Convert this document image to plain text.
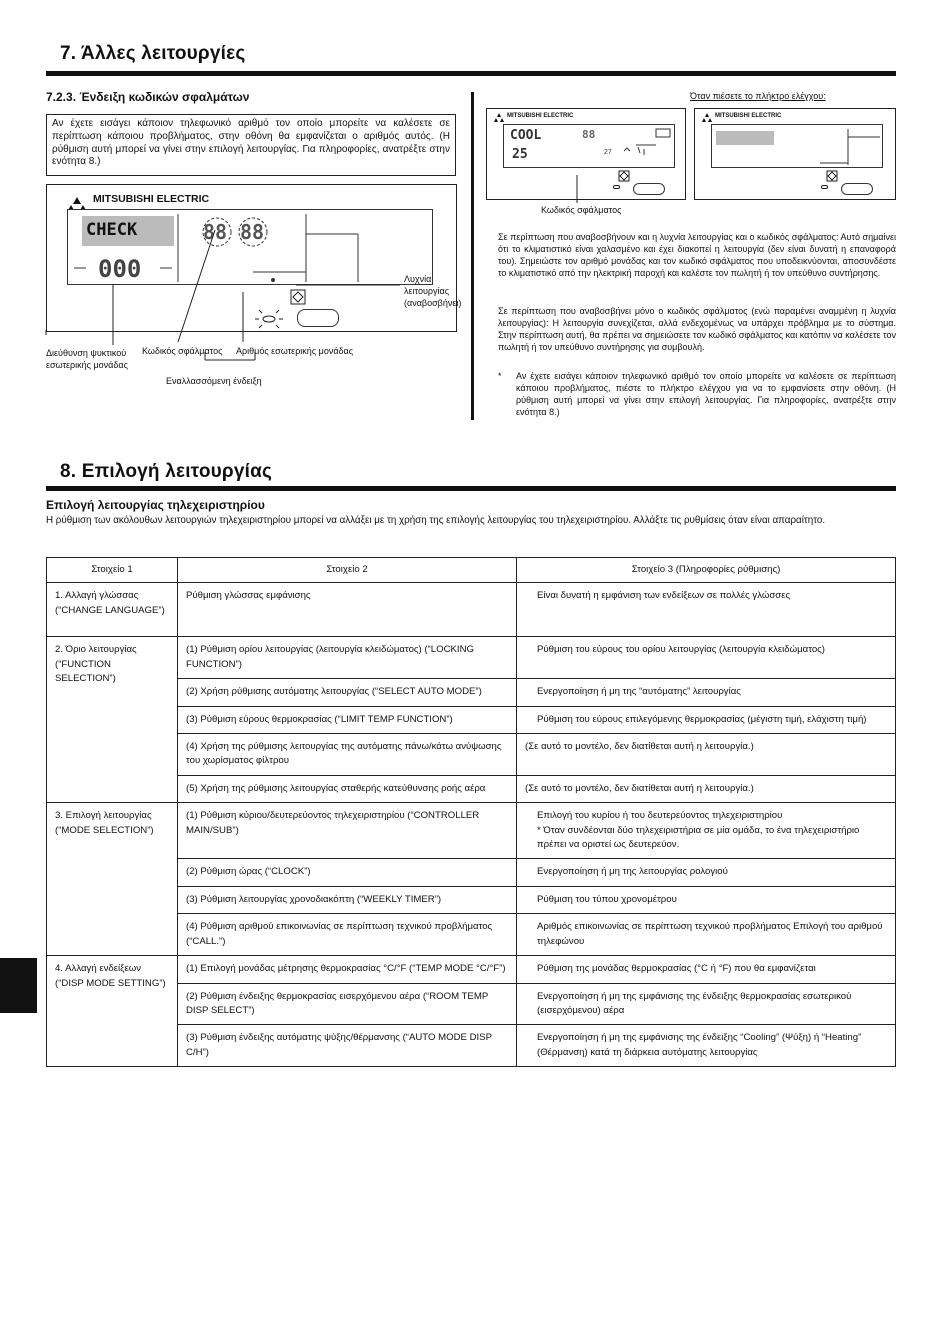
7. Άλλες λειτουργίες
7.2.3. Ένδειξη κωδικών σφαλμάτων
Αν έχετε εισάγει κάποιον τηλεφωνικό αριθμό τον οποίο μπορείτε να καλέσετε σε περίπτωση κάποιου προβλήματος, στην οθόνη θα εμφανίζεται ο αριθμός αυτός. (Η ρύθμιση αυτή μπορεί να γίνει στην επιλογή λειτουργίας. Για πληροφορίες, ανατρέξτε στην ενότητα 8.)
MITSUBISHI ELECTRIC
CHECK	88 88
000	Λυχνία λειτουργίας (αναβοσβήνει)
Διεύθυνση ψυκτικού εσωτερικής μονάδας
Κωδικός σφάλματος Αριθμός εσωτερικής μονάδας
Εναλλασσόμενη ένδειξη
Όταν πιέσετε το πλήκτρο ελέγχου:
MITSUBISHI ELECTRIC
COOL	88
25	27
MITSUBISHI ELECTRIC
Κωδικός σφάλματος
Σε περίπτωση που αναβοσβήνουν και η λυχνία λειτουργίας και ο κωδικός σφάλματος: Αυτό σημαίνει ότι το κλιματιστικό είναι χαλασμένο και έχει διακοπεί η λειτουργία (δεν είναι δυνατή η επαναφορά του). Σημειώστε τον αριθμό μονάδας και τον κωδικό σφάλματος που υποδεικνύονται, αποσυνδέστε το κλιματιστικό από την ηλεκτρική παροχή και καλέστε τον πωλητή ή τον υπεύθυνο συντήρησης.
Σε περίπτωση που αναβοσβήνει μόνο ο κωδικός σφάλματος (ενώ παραμένει αναμμένη η λυχνία λειτουργίας): Η λειτουργία συνεχίζεται, αλλά ενδεχομένως να υπάρχει πρόβλημα με το σύστημα. Στην περίπτωση αυτή, θα πρέπει να σημειώσετε τον κωδικό σφάλματος και κατόπιν να καλέσετε τον πωλητή ή τον υπεύθυνο συντήρησης για συμβουλή.
* Αν έχετε εισάγει κάποιον τηλεφωνικό αριθμό τον οποίο μπορείτε να καλέσετε σε περίπτωση κάποιου προβλήματος, πιέστε το πλήκτρο ελέγχου για να το εμφανίσετε στην οθόνη. (Η ρύθμιση αυτή μπορεί να γίνει στην επιλογή λειτουργίας. Για πληροφορίες, ανατρέξτε στην ενότητα 8.)
8. Επιλογή λειτουργίας
Επιλογή λειτουργίας τηλεχειριστηρίου
Η ρύθμιση των ακόλουθων λειτουργιών τηλεχειριστηρίου μπορεί να αλλάξει με τη χρήση της επιλογής λειτουργίας του τηλεχειριστηρίου. Αλλάξτε τις ρυθμίσεις όταν είναι απαραίτητο.
Στοιχείο 1	Στοιχείο 2	Στοιχείο 3 (Πληροφορίες ρύθμισης)
1. Αλλαγή γλώσσας (“CHANGE LANGUAGE”)	Ρύθμιση γλώσσας εμφάνισης	Είναι δυνατή η εμφάνιση των ενδείξεων σε πολλές γλώσσες
2. Όριο λειτουργίας (“FUNCTION SELECTION”)	(1) Ρύθμιση ορίου λειτουργίας (λειτουργία κλειδώματος) (“LOCKING FUNCTION”)	Ρύθμιση του εύρους του ορίου λειτουργίας (λειτουργία κλειδώματος)
	(2) Χρήση ρύθμισης αυτόματης λειτουργίας (“SELECT AUTO MODE”)	Ενεργοποίηση ή μη της “αυτόματης” λειτουργίας
	(3) Ρύθμιση εύρους θερμοκρασίας (“LIMIT TEMP FUNCTION”)	Ρύθμιση του εύρους επιλεγόμενης θερμοκρασίας (μέγιστη τιμή, ελάχιστη τιμή)
	(4) Χρήση της ρύθμισης λειτουργίας της αυτόματης πάνω/κάτω ανύψωσης του χωρίσματος φίλτρου	(Σε αυτό το μοντέλο, δεν διατίθεται αυτή η λειτουργία.)
	(5) Χρήση της ρύθμισης λειτουργίας σταθερής κατεύθυνσης ροής αέρα	(Σε αυτό το μοντέλο, δεν διατίθεται αυτή η λειτουργία.)
3. Επιλογή λειτουργίας (“MODE SELECTION”)	(1) Ρύθμιση κύριου/δευτερεύοντος τηλεχειριστηρίου (“CONTROLLER MAIN/SUB”)	Επιλογή του κυρίου ή του δευτερεύοντος τηλεχειριστηρίου
* Όταν συνδέονται δύο τηλεχειριστήρια σε μία ομάδα, το ένα τηλεχειριστήριο πρέπει να οριστεί ως δευτερεύον.

	(2) Ρύθμιση ώρας (“CLOCK”)	Ενεργοποίηση ή μη της λειτουργίας ρολογιού
	(3) Ρύθμιση λειτουργίας χρονοδιακόπτη (“WEEKLY TIMER”)	Ρύθμιση του τύπου χρονομέτρου
	(4) Ρύθμιση αριθμού επικοινωνίας σε περίπτωση τεχνικού προβλήματος (“CALL.”)	Αριθμός επικοινωνίας σε περίπτωση τεχνικού προβλήματος Επιλογή του αριθμού τηλεφώνου
4. Αλλαγή ενδείξεων (“DISP MODE SETTING”)	(1) Επιλογή μονάδας μέτρησης θερμοκρασίας °C/°F (“TEMP MODE °C/°F”)	Ρύθμιση της μονάδας θερμοκρασίας (°C ή °F) που θα εμφανίζεται
	(2) Ρύθμιση ένδειξης θερμοκρασίας εισερχόμενου αέρα (“ROOM TEMP DISP SELECT”)	Ενεργοποίηση ή μη της εμφάνισης της ένδειξης θερμοκρασίας εσωτερικού (εισερχόμενου) αέρα
	(3) Ρύθμιση ένδειξης αυτόματης ψύξης/θέρμανσης (“AUTO MODE DISP C/H”)	Ενεργοποίηση ή μη της εμφάνισης της ένδειξης “Cooling” (Ψύξη) ή “Heating” (Θέρμανση) κατά τη διάρκεια αυτόματης λειτουργίας
